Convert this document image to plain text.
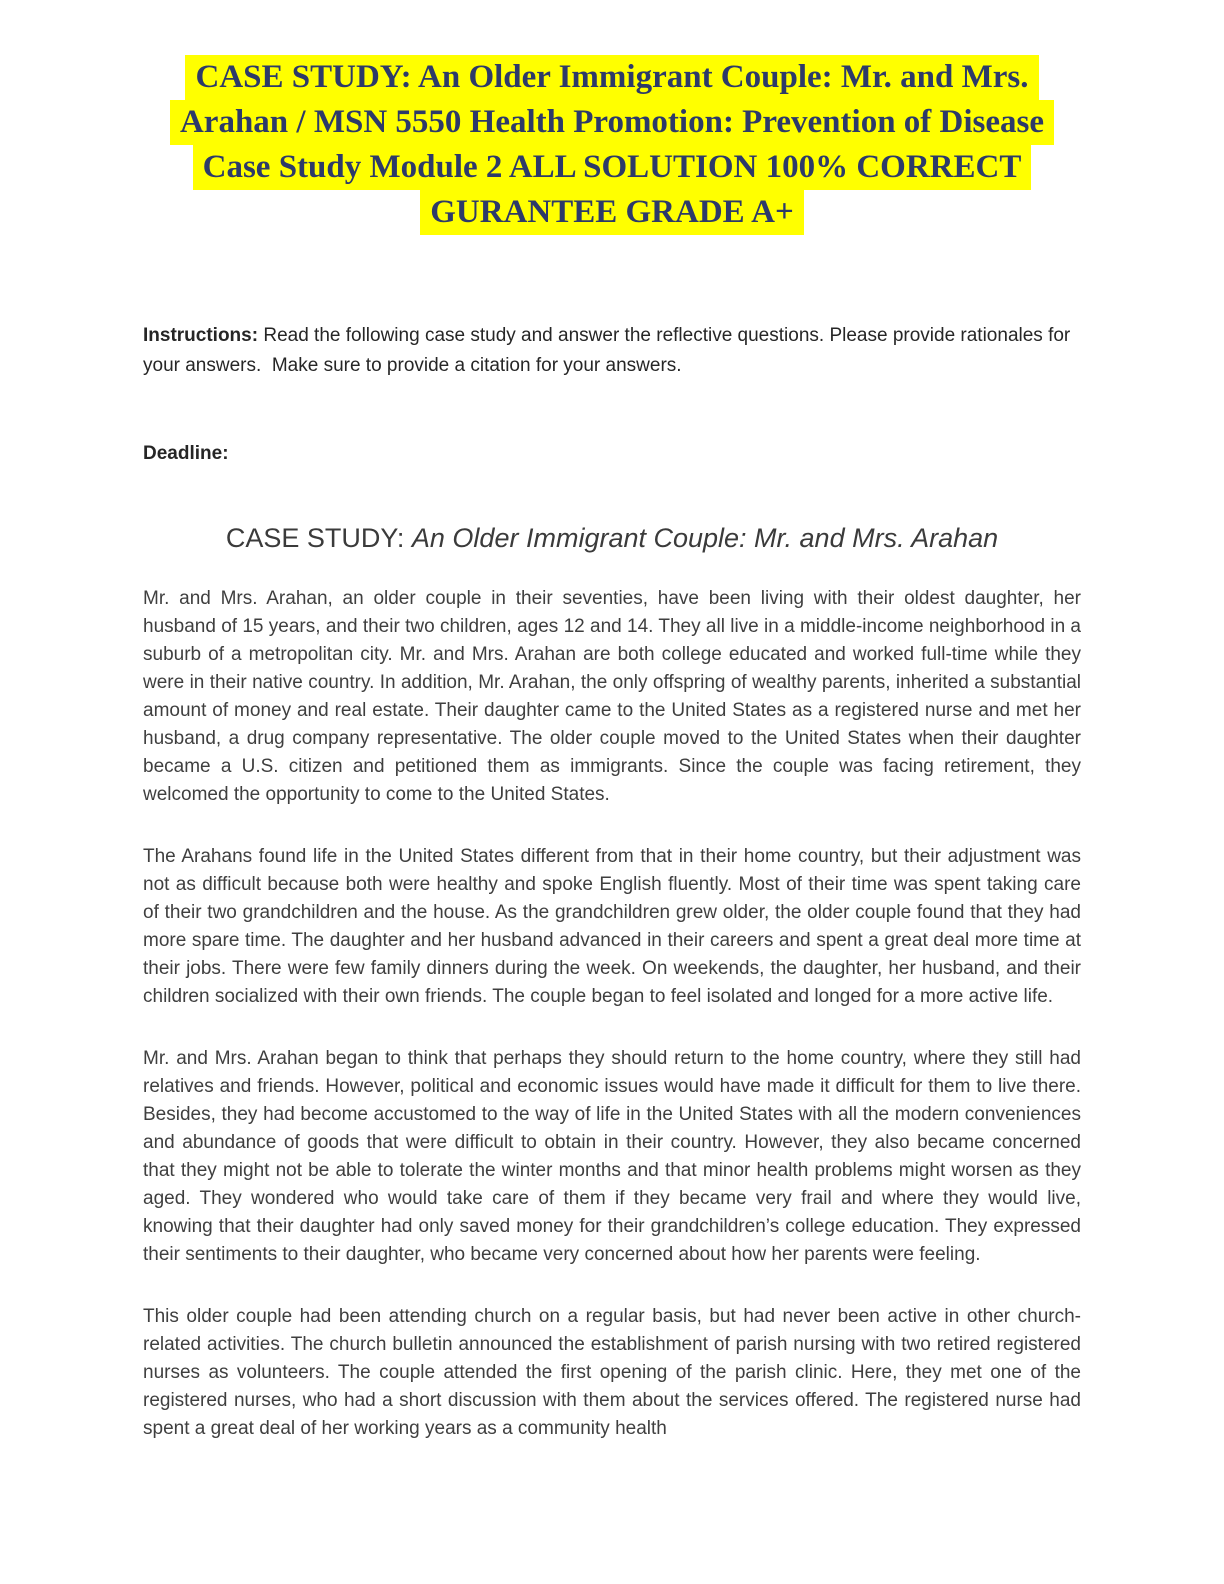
CASE STUDY: An Older Immigrant Couple: Mr. and Mrs.
Arahan / MSN 5550 Health Promotion: Prevention of Disease
Case Study Module 2 ALL SOLUTION 100% CORRECT
GURANTEE GRADE A+

Instructions: Read the following case study and answer the reflective questions. Please provide rationales for your answers.  Make sure to provide a citation for your answers.

Deadline:

CASE STUDY: An Older Immigrant Couple: Mr. and Mrs. Arahan

Mr. and Mrs. Arahan, an older couple in their seventies, have been living with their oldest daughter, her husband of 15 years, and their two children, ages 12 and 14. They all live in a middle-income neighborhood in a suburb of a metropolitan city. Mr. and Mrs. Arahan are both college educated and worked full-time while they were in their native country. In addition, Mr. Arahan, the only offspring of wealthy parents, inherited a substantial amount of money and real estate. Their daughter came to the United States as a registered nurse and met her husband, a drug company representative. The older couple moved to the United States when their daughter became a U.S. citizen and petitioned them as immigrants. Since the couple was facing retirement, they welcomed the opportunity to come to the United States.

The Arahans found life in the United States different from that in their home country, but their adjustment was not as difficult because both were healthy and spoke English fluently. Most of their time was spent taking care of their two grandchildren and the house. As the grandchildren grew older, the older couple found that they had more spare time. The daughter and her husband advanced in their careers and spent a great deal more time at their jobs. There were few family dinners during the week. On weekends, the daughter, her husband, and their children socialized with their own friends. The couple began to feel isolated and longed for a more active life.

Mr. and Mrs. Arahan began to think that perhaps they should return to the home country, where they still had relatives and friends. However, political and economic issues would have made it difficult for them to live there. Besides, they had become accustomed to the way of life in the United States with all the modern conveniences and abundance of goods that were difficult to obtain in their country. However, they also became concerned that they might not be able to tolerate the winter months and that minor health problems might worsen as they aged. They wondered who would take care of them if they became very frail and where they would live, knowing that their daughter had only saved money for their grandchildren’s college education. They expressed their sentiments to their daughter, who became very concerned about how her parents were feeling.

This older couple had been attending church on a regular basis, but had never been active in other church-related activities. The church bulletin announced the establishment of parish nursing with two retired registered nurses as volunteers. The couple attended the first opening of the parish clinic. Here, they met one of the registered nurses, who had a short discussion with them about the services offered. The registered nurse had spent a great deal of her working years as a community health
